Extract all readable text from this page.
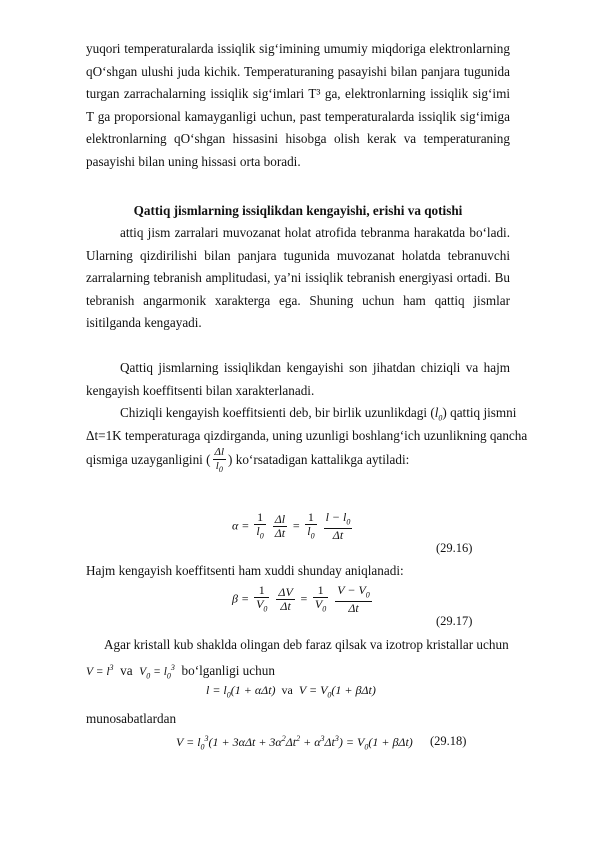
yuqori temperaturalarda issiqlik sig‘imining umumiy miqdoriga elektronlarning qO‘shgan ulushi juda kichik. Temperaturaning pasayishi bilan panjara tugunida turgan zarrachalarning issiqlik sig‘imlari T³ ga, elektronlarning issiqlik sig‘imi T ga proporsional kamayganligi uchun, past temperaturalarda issiqlik sig‘imiga elektronlarning qO‘shgan hissasini hisobga olish kerak va temperaturaning pasayishi bilan uning hissasi orta boradi.
Qattiq jismlarning issiqlikdan kengayishi, erishi va qotishi
attiq jism zarralari muvozanat holat atrofida tebranma harakatda bo‘ladi. Ularning qizdirilishi bilan panjara tugunida muvozanat holatda tebranuvchi zarralarning tebranish amplitudasi, ya’ni issiqlik tebranish energiyasi ortadi. Bu tebranish angarmonik xarakterga ega. Shuning uchun ham qattiq jismlar isitilganda kengayadi.
Qattiq jismlarning issiqlikdan kengayishi son jihatdan chiziqli va hajm kengayish koeffitsenti bilan xarakterlanadi.
Chiziqli kengayish koeffitsienti deb, bir birlik uzunlikdagi $(l_0)$ qattiq jismni
Δt=1K temperaturaga qizdirganda, uning uzunligi boshlang‘ich uzunlikning qancha
qismiga uzayganligini ( $\frac{\Delta l}{l_0}$ ) ko‘rsatadigan kattalikga aytiladi:
$\alpha = \frac{1}{l_0}$
$\frac{\Delta l}{\Delta t} = \frac{1}{l_0}$
$\frac{l - l_0}{\Delta t}$
(29.16)
Hajm kengayish koeffitsenti ham xuddi shunday aniqlanadi:
$\beta = \frac{1}{V_0}$
$\frac{\Delta V}{\Delta t} = \frac{1}{V_0}$
$\frac{V - V_0}{\Delta t}$
(29.17)
Agar kristall kub shaklda olingan deb faraz qilsak va izotrop kristallar uchun
$V = l^3$ va $V_0 = l_0^3$ bo‘lganligi uchun
$l = l_0(1 + \alpha\Delta t)$  va  $V = V_0(1 + \beta\Delta t)$
munosabatlardan
$V = l_0^3(1 + 3\alpha\Delta t + 3\alpha^2\Delta t^2 + \alpha^3\Delta t^3) = V_0(1 + \beta\Delta t)$ (29.18)
